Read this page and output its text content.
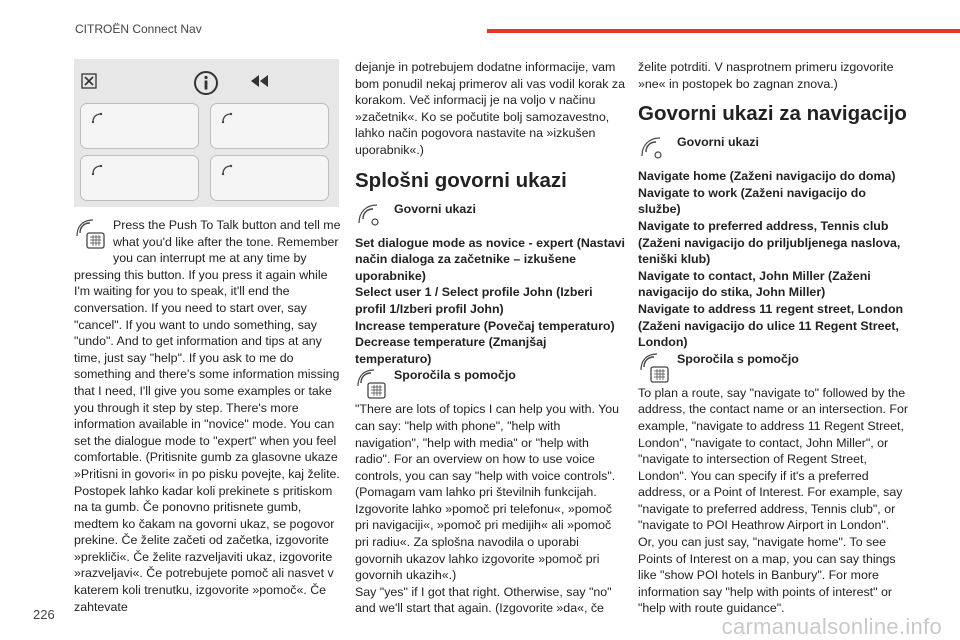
CITROËN Connect Nav

Press the Push To Talk button and tell me what you'd like after the tone. Remember you can interrupt me at any time by pressing this button. If you press it again while I'm waiting for you to speak, it'll end the conversation. If you need to start over, say "cancel". If you want to undo something, say "undo". And to get information and tips at any time, just say "help". If you ask to me do something and there's some information missing that I need, I'll give you some examples or take you through it step by step. There's more information available in "novice" mode. You can set the dialogue mode to "expert" when you feel comfortable. (Pritisnite gumb za glasovne ukaze »Pritisni in govori« in po pisku povejte, kaj želite. Postopek lahko kadar koli prekinete s pritiskom na ta gumb. Če ponovno pritisnete gumb, medtem ko čakam na govorni ukaz, se pogovor prekine. Če želite začeti od začetka, izgovorite »prekliči«. Če želite razveljaviti ukaz, izgovorite »razveljavi«. Če potrebujete pomoč ali nasvet v katerem koli trenutku, izgovorite »pomoč«. Če zahtevate

dejanje in potrebujem dodatne informacije, vam bom ponudil nekaj primerov ali vas vodil korak za korakom. Več informacij je na voljo v načinu »začetnik«. Ko se počutite bolj samozavestno, lahko način pogovora nastavite na »izkušen uporabnik«.)

Splošni govorni ukazi

Govorni ukazi

Set dialogue mode as novice - expert (Nastavi način dialoga za začetnike – izkušene uporabnike)
Select user 1 / Select profile John (Izberi profil 1/Izberi profil John)
Increase temperature (Povečaj temperaturo)
Decrease temperature (Zmanjšaj temperaturo)

Sporočila s pomočjo

"There are lots of topics I can help you with. You can say: "help with phone", "help with navigation", "help with media" or "help with radio". For an overview on how to use voice controls, you can say "help with voice controls". (Pomagam vam lahko pri številnih funkcijah. Izgovorite lahko »pomoč pri telefonu«, »pomoč pri navigaciji«, »pomoč pri medijih« ali »pomoč pri radiu«. Za splošna navodila o uporabi govornih ukazov lahko izgovorite »pomoč pri govornih ukazih«.)
Say "yes" if I got that right. Otherwise, say "no" and we'll start that again. (Izgovorite »da«, če

želite potrditi. V nasprotnem primeru izgovorite »ne« in postopek bo zagnan znova.)

Govorni ukazi za navigacijo

Govorni ukazi

Navigate home (Zaženi navigacijo do doma)
Navigate to work (Zaženi navigacijo do službe)
Navigate to preferred address, Tennis club (Zaženi navigacijo do priljubljenega naslova, teniški klub)
Navigate to contact, John Miller (Zaženi navigacijo do stika, John Miller)
Navigate to address 11 regent street, London (Zaženi navigacijo do ulice 11 Regent Street, London)

Sporočila s pomočjo

To plan a route, say "navigate to" followed by the address, the contact name or an intersection. For example, "navigate to address 11 Regent Street, London", "navigate to contact, John Miller", or "navigate to intersection of Regent Street, London". You can specify if it's a preferred address, or a Point of Interest. For example, say "navigate to preferred address, Tennis club", or "navigate to POI Heathrow Airport in London". Or, you can just say, "navigate home". To see Points of Interest on a map, you can say things like "show POI hotels in Banbury". For more information say "help with points of interest" or "help with route guidance".

226	carmanualsonline.info
